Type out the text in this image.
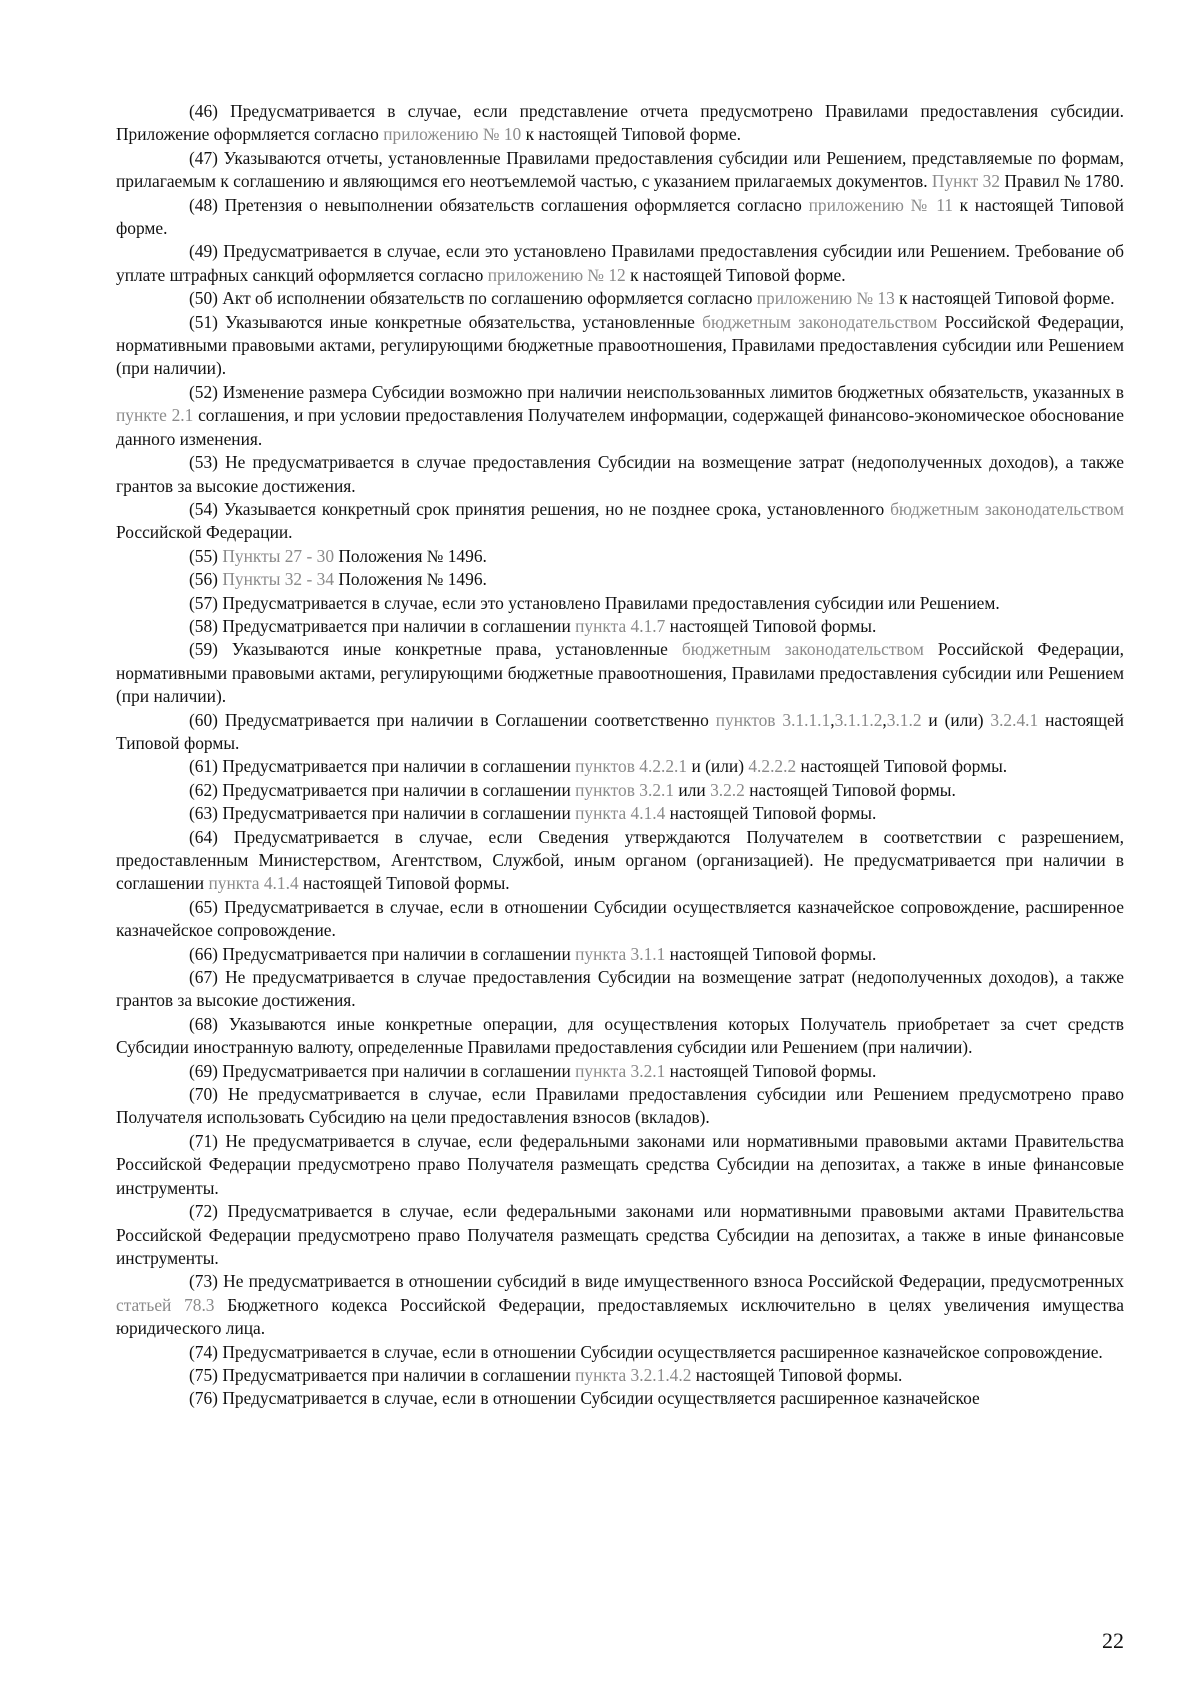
(46) Предусматривается в случае, если представление отчета предусмотрено Правилами предоставления субсидии. Приложение оформляется согласно приложению № 10 к настоящей Типовой форме.

(47) Указываются отчеты, установленные Правилами предоставления субсидии или Решением, представляемые по формам, прилагаемым к соглашению и являющимся его неотъемлемой частью, с указанием прилагаемых документов. Пункт 32 Правил № 1780.

(48) Претензия о невыполнении обязательств соглашения оформляется согласно приложению № 11 к настоящей Типовой форме.

(49) Предусматривается в случае, если это установлено Правилами предоставления субсидии или Решением. Требование об уплате штрафных санкций оформляется согласно приложению № 12 к настоящей Типовой форме.

(50) Акт об исполнении обязательств по соглашению оформляется согласно приложению № 13 к настоящей Типовой форме.

(51) Указываются иные конкретные обязательства, установленные бюджетным законодательством Российской Федерации, нормативными правовыми актами, регулирующими бюджетные правоотношения, Правилами предоставления субсидии или Решением (при наличии).

(52) Изменение размера Субсидии возможно при наличии неиспользованных лимитов бюджетных обязательств, указанных в пункте 2.1 соглашения, и при условии предоставления Получателем информации, содержащей финансово-экономическое обоснование данного изменения.

(53) Не предусматривается в случае предоставления Субсидии на возмещение затрат (недополученных доходов), а также грантов за высокие достижения.

(54) Указывается конкретный срок принятия решения, но не позднее срока, установленного бюджетным законодательством Российской Федерации.

(55) Пункты 27 - 30 Положения № 1496.

(56) Пункты 32 - 34 Положения № 1496.

(57) Предусматривается в случае, если это установлено Правилами предоставления субсидии или Решением.

(58) Предусматривается при наличии в соглашении пункта 4.1.7 настоящей Типовой формы.

(59) Указываются иные конкретные права, установленные бюджетным законодательством Российской Федерации, нормативными правовыми актами, регулирующими бюджетные правоотношения, Правилами предоставления субсидии или Решением (при наличии).

(60) Предусматривается при наличии в Соглашении соответственно пунктов 3.1.1.1,3.1.1.2,3.1.2 и (или) 3.2.4.1 настоящей Типовой формы.

(61) Предусматривается при наличии в соглашении пунктов 4.2.2.1 и (или) 4.2.2.2 настоящей Типовой формы.

(62) Предусматривается при наличии в соглашении пунктов 3.2.1 или 3.2.2 настоящей Типовой формы.

(63) Предусматривается при наличии в соглашении пункта 4.1.4 настоящей Типовой формы.

(64) Предусматривается в случае, если Сведения утверждаются Получателем в соответствии с разрешением, предоставленным Министерством, Агентством, Службой, иным органом (организацией). Не предусматривается при наличии в соглашении пункта 4.1.4 настоящей Типовой формы.

(65) Предусматривается в случае, если в отношении Субсидии осуществляется казначейское сопровождение, расширенное казначейское сопровождение.

(66) Предусматривается при наличии в соглашении пункта 3.1.1 настоящей Типовой формы.

(67) Не предусматривается в случае предоставления Субсидии на возмещение затрат (недополученных доходов), а также грантов за высокие достижения.

(68) Указываются иные конкретные операции, для осуществления которых Получатель приобретает за счет средств Субсидии иностранную валюту, определенные Правилами предоставления субсидии или Решением (при наличии).

(69) Предусматривается при наличии в соглашении пункта 3.2.1 настоящей Типовой формы.

(70) Не предусматривается в случае, если Правилами предоставления субсидии или Решением предусмотрено право Получателя использовать Субсидию на цели предоставления взносов (вкладов).

(71) Не предусматривается в случае, если федеральными законами или нормативными правовыми актами Правительства Российской Федерации предусмотрено право Получателя размещать средства Субсидии на депозитах, а также в иные финансовые инструменты.

(72) Предусматривается в случае, если федеральными законами или нормативными правовыми актами Правительства Российской Федерации предусмотрено право Получателя размещать средства Субсидии на депозитах, а также в иные финансовые инструменты.

(73) Не предусматривается в отношении субсидий в виде имущественного взноса Российской Федерации, предусмотренных статьей 78.3 Бюджетного кодекса Российской Федерации, предоставляемых исключительно в целях увеличения имущества юридического лица.

(74) Предусматривается в случае, если в отношении Субсидии осуществляется расширенное казначейское сопровождение.

(75) Предусматривается при наличии в соглашении пункта 3.2.1.4.2 настоящей Типовой формы.

(76) Предусматривается в случае, если в отношении Субсидии осуществляется расширенное казначейское

22
